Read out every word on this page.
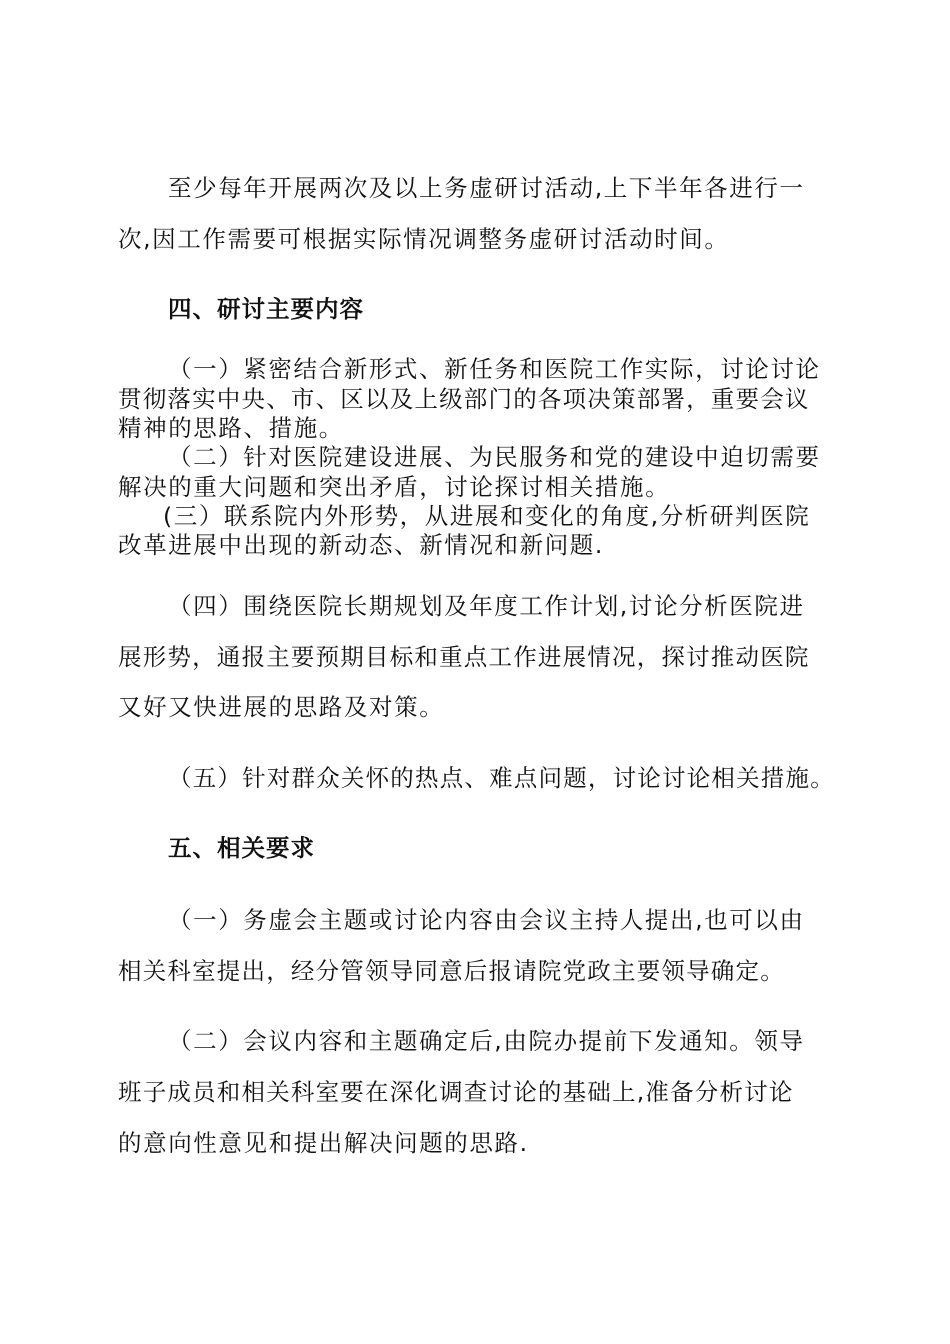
至少每年开展两次及以上务虚研讨活动,上下半年各进行一
次,因工作需要可根据实际情况调整务虚研讨活动时间。
四、研讨主要内容
（一）紧密结合新形式、新任务和医院工作实际，讨论讨论
贯彻落实中央、市、区以及上级部门的各项决策部署，重要会议
精神的思路、措施。
（二）针对医院建设进展、为民服务和党的建设中迫切需要
解决的重大问题和突出矛盾，讨论探讨相关措施。
(三）联系院内外形势，从进展和变化的角度,分析研判医院
改革进展中出现的新动态、新情况和新问题.
（四）围绕医院长期规划及年度工作计划,讨论分析医院进
展形势，通报主要预期目标和重点工作进展情况，探讨推动医院
又好又快进展的思路及对策。
（五）针对群众关怀的热点、难点问题，讨论讨论相关措施。
五、相关要求
（一）务虚会主题或讨论内容由会议主持人提出,也可以由
相关科室提出，经分管领导同意后报请院党政主要领导确定。
（二）会议内容和主题确定后,由院办提前下发通知。领导
班子成员和相关科室要在深化调查讨论的基础上,准备分析讨论
的意向性意见和提出解决问题的思路.
